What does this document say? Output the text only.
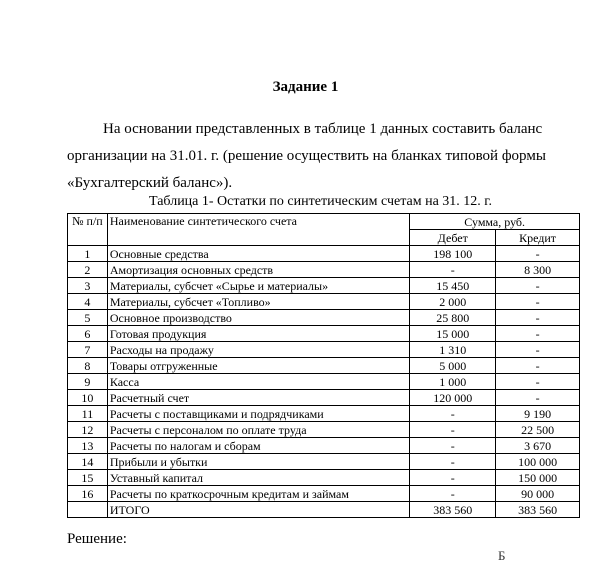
Задание 1
На основании представленных в таблице 1 данных составить баланс организации на 31.01. г. (решение осуществить на бланках типовой формы «Бухгалтерский баланс»).
Таблица 1- Остатки по синтетическим счетам на 31. 12. г.
№ п/п	Наименование синтетического счета	Сумма, руб.	
		Дебет	Кредит
1	Основные средства	198 100	-
2	Амортизация основных средств	-	8 300
3	Материалы, субсчет «Сырье и материалы»	15 450	-
4	Материалы, субсчет «Топливо»	2 000	-
5	Основное производство	25 800	-
6	Готовая продукция	15 000	-
7	Расходы на продажу	1 310	-
8	Товары отгруженные	5 000	-
9	Касса	1 000	-
10	Расчетный счет	120 000	-
11	Расчеты с поставщиками и подрядчиками	-	9 190
12	Расчеты с персоналом по оплате труда	-	22 500
13	Расчеты по налогам и сборам	-	3 670
14	Прибыли и убытки	-	100 000
15	Уставный капитал	-	150 000
16	Расчеты по краткосрочным кредитам и займам	-	90 000
	ИТОГО	383 560	383 560
Решение:
Б
